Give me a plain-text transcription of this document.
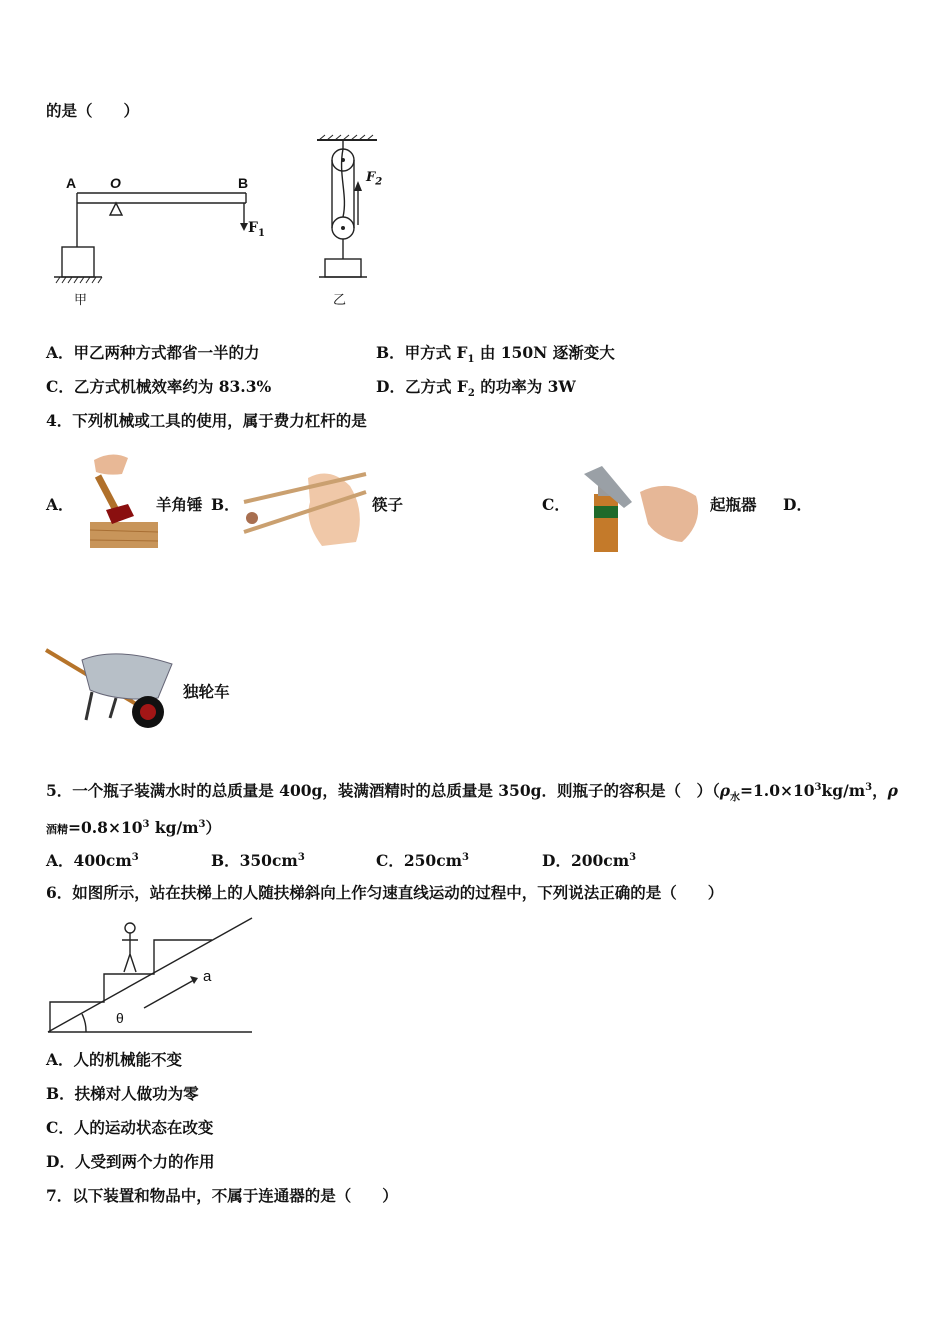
的是（　　）
A O	B
$F_1$
甲
$F_2$
乙
A．甲乙两种方式都省一半的力	B．甲方式 $F_1$ 由 150N 逐渐变大
C．乙方式机械效率约为 83.3%	D．乙方式 $F_2$ 的功率为 3W
4．下列机械或工具的使用，属于费力杠杆的是
A．	羊角锤 B．	筷子	C．	起瓶器 D．
独轮车
5．一个瓶子装满水时的总质量是 400g，装满酒精时的总质量是 350g．则瓶子的容积是（　）（$\rho_水=1.0\times 10^3kg/m^3$，ρ
酒精$=0.8\times 10^3$ $kg/m^3$）
A．$400cm^3$	B．$350cm^3$	C．$250cm^3$	D．$200cm^3$
6．如图所示，站在扶梯上的人随扶梯斜向上作匀速直线运动的过程中，下列说法正确的是（　　）
a
θ
A．人的机械能不变
B．扶梯对人做功为零
C．人的运动状态在改变
D．人受到两个力的作用
7．以下装置和物品中，不属于连通器的是（　　）
